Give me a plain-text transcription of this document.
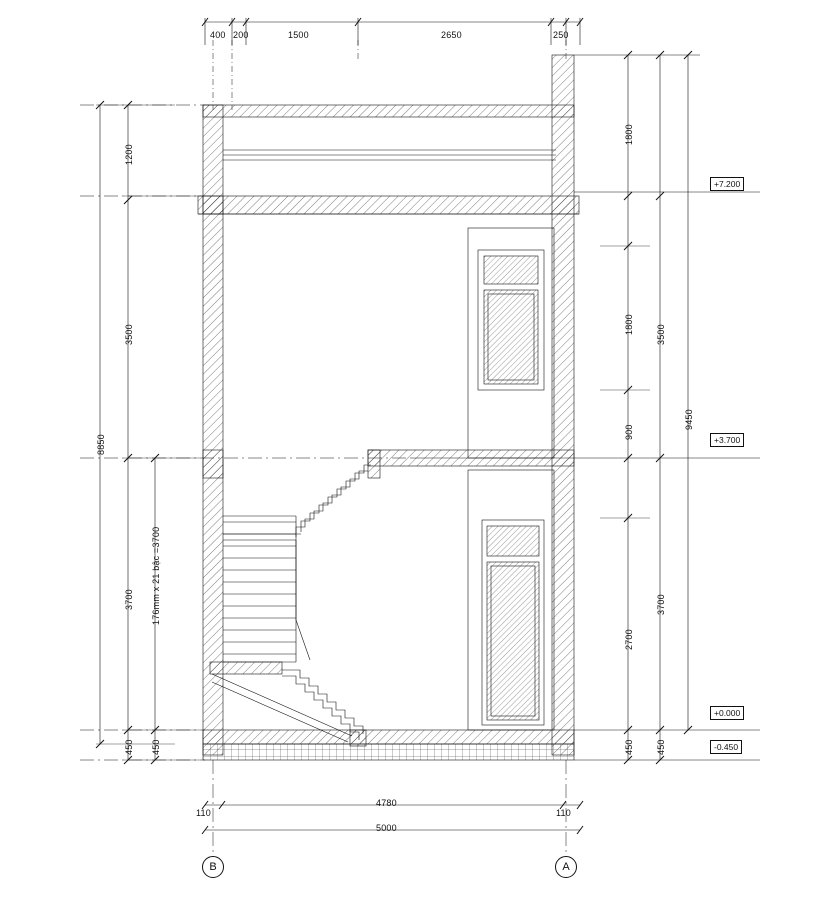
400 200	1500	2650	250
8850
1200
3500
3700
450
176mm x 21 bậc =3700
450
1800
1800
900
2700
450
3500
3700
450
9450
+7.200
+3.700
+0.000
-0.450
110
4780
110
5000
B	A
